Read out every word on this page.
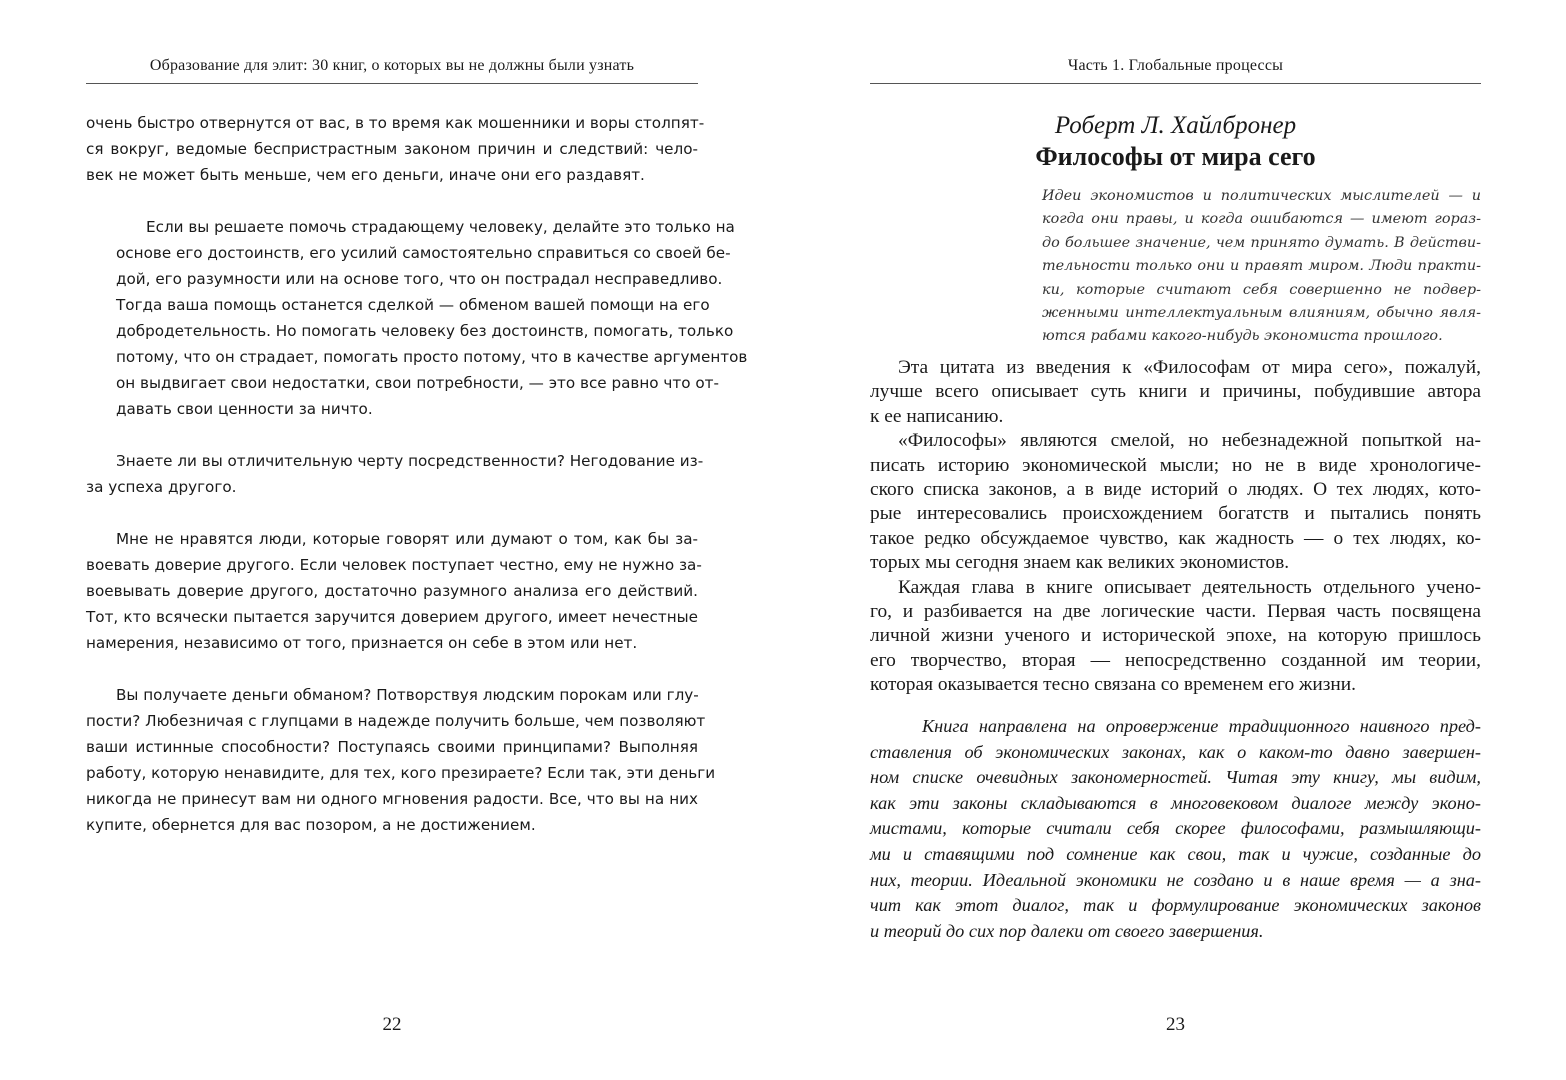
Образование для элит: 30 книг, о которых вы не должны были узнать

очень быстро отвернутся от вас, в то время как мошенники и воры столпят-
ся вокруг, ведомые беспристрастным законом причин и следствий: чело-
век не может быть меньше, чем его деньги, иначе они его раздавят.

Если вы решаете помочь страдающему человеку, делайте это только на
основе его достоинств, его усилий самостоятельно справиться со своей бе-
дой, его разумности или на основе того, что он пострадал несправедливо.
Тогда ваша помощь останется сделкой — обменом вашей помощи на его
добродетельность. Но помогать человеку без достоинств, помогать, только
потому, что он страдает, помогать просто потому, что в качестве аргументов
он выдвигает свои недостатки, свои потребности, — это все равно что от-
давать свои ценности за ничто.

Знаете ли вы отличительную черту посредственности? Негодование из-
за успеха другого.

Мне не нравятся люди, которые говорят или думают о том, как бы за-
воевать доверие другого. Если человек поступает честно, ему не нужно за-
воевывать доверие другого, достаточно разумного анализа его действий.
Тот, кто всячески пытается заручится доверием другого, имеет нечестные
намерения, независимо от того, признается он себе в этом или нет.

Вы получаете деньги обманом? Потворствуя людским порокам или глу-
пости? Любезничая с глупцами в надежде получить больше, чем позволяют
ваши истинные способности? Поступаясь своими принципами? Выполняя
работу, которую ненавидите, для тех, кого презираете? Если так, эти деньги
никогда не принесут вам ни одного мгновения радости. Все, что вы на них
купите, обернется для вас позором, а не достижением.

22
Часть 1. Глобальные процессы
Роберт Л. Хайлбронер
Философы от мира сего
Идеи экономистов и политических мыслителей — и
когда они правы, и когда ошибаются — имеют гораз-
до большее значение, чем принято думать. В действи-
тельности только они и правят миром. Люди практи-
ки, которые считают себя совершенно не подвер-
женными интеллектуальным влияниям, обычно явля-
ются рабами какого-нибудь экономиста прошлого.
Эта цитата из введения к «Философам от мира сего», пожалуй,
лучше всего описывает суть книги и причины, побудившие автора
к ее написанию.
«Философы» являются смелой, но небезнадежной попыткой на-
писать историю экономической мысли; но не в виде хронологиче-
ского списка законов, а в виде историй о людях. О тех людях, кото-
рые интересовались происхождением богатств и пытались понять
такое редко обсуждаемое чувство, как жадность — о тех людях, ко-
торых мы сегодня знаем как великих экономистов.
Каждая глава в книге описывает деятельность отдельного учено-
го, и разбивается на две логические части. Первая часть посвящена
личной жизни ученого и исторической эпохе, на которую пришлось
его творчество, вторая — непосредственно созданной им теории,
которая оказывается тесно связана со временем его жизни.
Книга направлена на опровержение традиционного наивного пред-
ставления об экономических законах, как о каком-то давно завершен-
ном списке очевидных закономерностей. Читая эту книгу, мы видим,
как эти законы складываются в многовековом диалоге между эконо-
мистами, которые считали себя скорее философами, размышляющи-
ми и ставящими под сомнение как свои, так и чужие, созданные до
них, теории. Идеальной экономики не создано и в наше время — а зна-
чит как этот диалог, так и формулирование экономических законов
и теорий до сих пор далеки от своего завершения.
23
